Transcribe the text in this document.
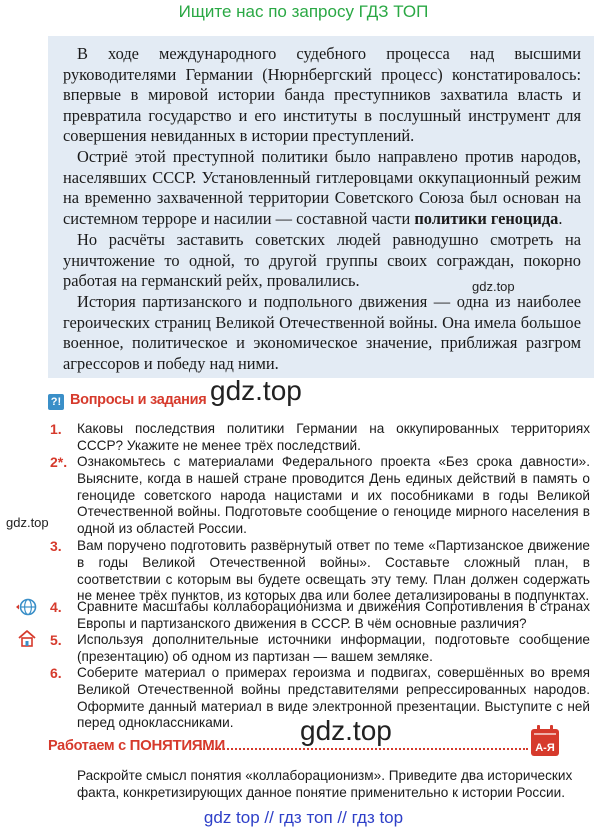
Ищите нас по запросу ГДЗ ТОП

В ходе международного судебного процесса над высшими руководителями Германии (Нюрнбергский процесс) констатировалось: впервые в мировой истории банда преступников захватила власть и превратила государство и его институты в послушный инструмент для совершения невиданных в истории преступлений.

Остриё этой преступной политики было направлено против народов, населявших СССР. Установленный гитлеровцами оккупационный режим на временно захваченной территории Советского Союза был основан на системном терроре и насилии — составной части политики геноцида.

Но расчёты заставить советских людей равнодушно смотреть на уничтожение то одной, то другой группы своих сограждан, покорно работая на германский рейх, провалились.

История партизанского и подпольного движения — одна из наиболее героических страниц Великой Отечественной войны. Она имела большое военное, политическое и экономическое значение, приближая разгром агрессоров и победу над ними.

gdz.top
gdz.top
?! Вопросы и задания
1.	Каковы последствия политики Германии на оккупированных территориях СССР? Укажите не менее трёх последствий.
2*. Ознакомьтесь с материалами Федерального проекта «Без срока давности». Выясните, когда в нашей стране проводится День единых действий в память о геноциде советского народа нацистами и их пособниками в годы Великой Отечественной войны. Подготовьте сообщение о геноциде мирного населения в одной из областей России.
3.	Вам поручено подготовить развёрнутый ответ по теме «Партизанское движение в годы Великой Отечественной войны». Составьте сложный план, в соответствии с которым вы будете освещать эту тему. План должен содержать не менее трёх пунктов, из которых два или более детализированы в подпунктах.
4.	Сравните масштабы коллаборационизма и движения Сопротивления в странах Европы и партизанского движения в СССР. В чём основные различия?
5.	Используя дополнительные источники информации, подготовьте сообщение (презентацию) об одном из партизан — вашем земляке.
6.	Соберите материал о примерах героизма и подвигах, совершённых во время Великой Отечественной войны представителями репрессированных народов. Оформите данный материал в виде электронной презентации. Выступите с ней перед одноклассниками.
gdz.top
gdz.top
Работаем с ПОНЯТИЯМИ	А-Я
Раскройте смысл понятия «коллаборационизм». Приведите два исторических факта, конкретизирующих данное понятие применительно к истории России.
gdz top // гдз топ // гдз top
